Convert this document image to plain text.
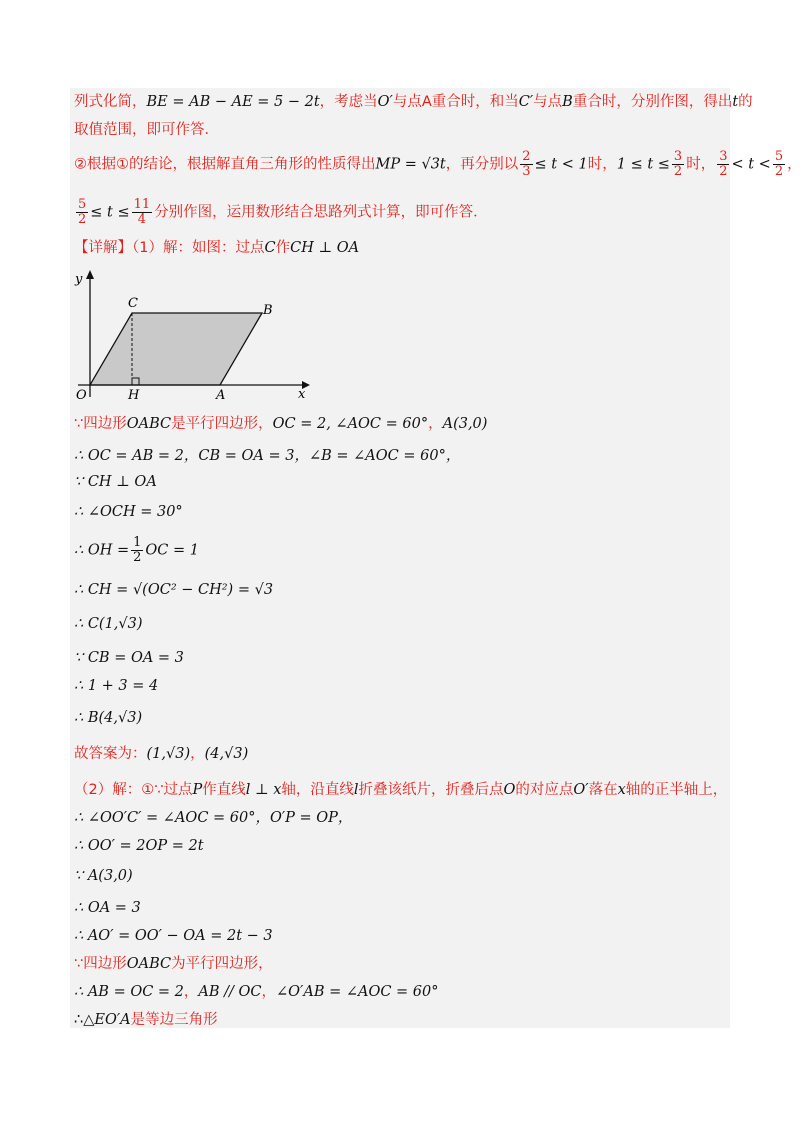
列式化简，BE = AB − AE = 5 − 2t，考虑当O′与点A重合时，和当C′与点B重合时，分别作图，得出t的
取值范围，即可作答．
②根据①的结论，根据解直角三角形的性质得出MP = √3t，再分别以 $\frac{2}{3} \le t < 1$时，$1 \le t \le \frac{3}{2}$ 时， $\frac{3}{2} < t < \frac{5}{2}$ ，
$\frac{5}{2} \le t \le \frac{11}{4}$ 分别作图，运用数形结合思路列式计算，即可作答．
【详解】（1）解：如图：过点C作CH ⊥ OA
y
x
O	H	A
C	B
∵四边形OABC是平行四边形，OC = 2, ∠AOC = 60°，A(3,0)
∴ OC = AB = 2，CB = OA = 3，∠B = ∠AOC = 60°，
∵ CH ⊥ OA
∴ ∠OCH = 30°
∴ OH = $\frac{1}{2}$ OC = 1
∴ CH = √(OC² − CH²) = √3
∴ C(1,√3)
∵ CB = OA = 3
∴ 1 + 3 = 4
∴ B(4,√3)
故答案为：(1,√3)，(4,√3)
（2）解：①∵过点P作直线l ⊥ x轴，沿直线l折叠该纸片，折叠后点O的对应点O′落在x轴的正半轴上，
∴ ∠OO′C′ = ∠AOC = 60°，O′P = OP，
∴ OO′ = 2OP = 2t
∵ A(3,0)
∴ OA = 3
∴ AO′ = OO′ − OA = 2t − 3
∵四边形OABC为平行四边形，
∴ AB = OC = 2，AB // OC，∠O′AB = ∠AOC = 60°
∴△EO′A是等边三角形
